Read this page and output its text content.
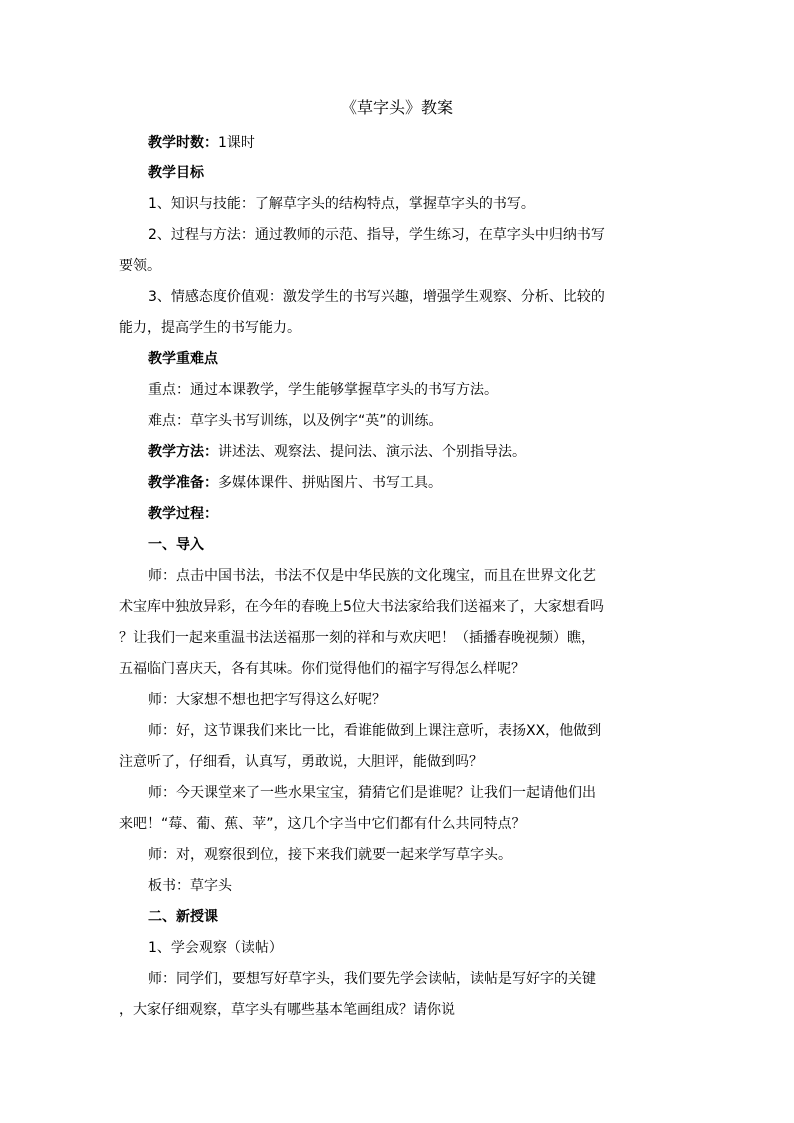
《草字头》教案
教学时数：1课时
教学目标
1、知识与技能：了解草字头的结构特点，掌握草字头的书写。
2、过程与方法：通过教师的示范、指导，学生练习，在草字头中归纳书写
要领。
3、情感态度价值观：激发学生的书写兴趣，增强学生观察、分析、比较的
能力，提高学生的书写能力。
教学重难点
重点：通过本课教学，学生能够掌握草字头的书写方法。
难点：草字头书写训练，以及例字“英”的训练。
教学方法：讲述法、观察法、提问法、演示法、个别指导法。
教学准备：多媒体课件、拼贴图片、书写工具。
教学过程：
一、导入
师：点击中国书法，书法不仅是中华民族的文化瑰宝，而且在世界文化艺
术宝库中独放异彩，在今年的春晚上5位大书法家给我们送福来了，大家想看吗
？让我们一起来重温书法送福那一刻的祥和与欢庆吧！（插播春晚视频）瞧，
五福临门喜庆天，各有其味。你们觉得他们的福字写得怎么样呢？
师：大家想不想也把字写得这么好呢？
师：好，这节课我们来比一比，看谁能做到上课注意听，表扬XX，他做到
注意听了，仔细看，认真写，勇敢说，大胆评，能做到吗？
师：今天课堂来了一些水果宝宝，猜猜它们是谁呢？让我们一起请他们出
来吧！“莓、葡、蕉、苹”，这几个字当中它们都有什么共同特点？
师：对，观察很到位，接下来我们就要一起来学写草字头。
板书：草字头
二、新授课
1、学会观察（读帖）
师：同学们，要想写好草字头，我们要先学会读帖，读帖是写好字的关键
，大家仔细观察，草字头有哪些基本笔画组成？请你说
